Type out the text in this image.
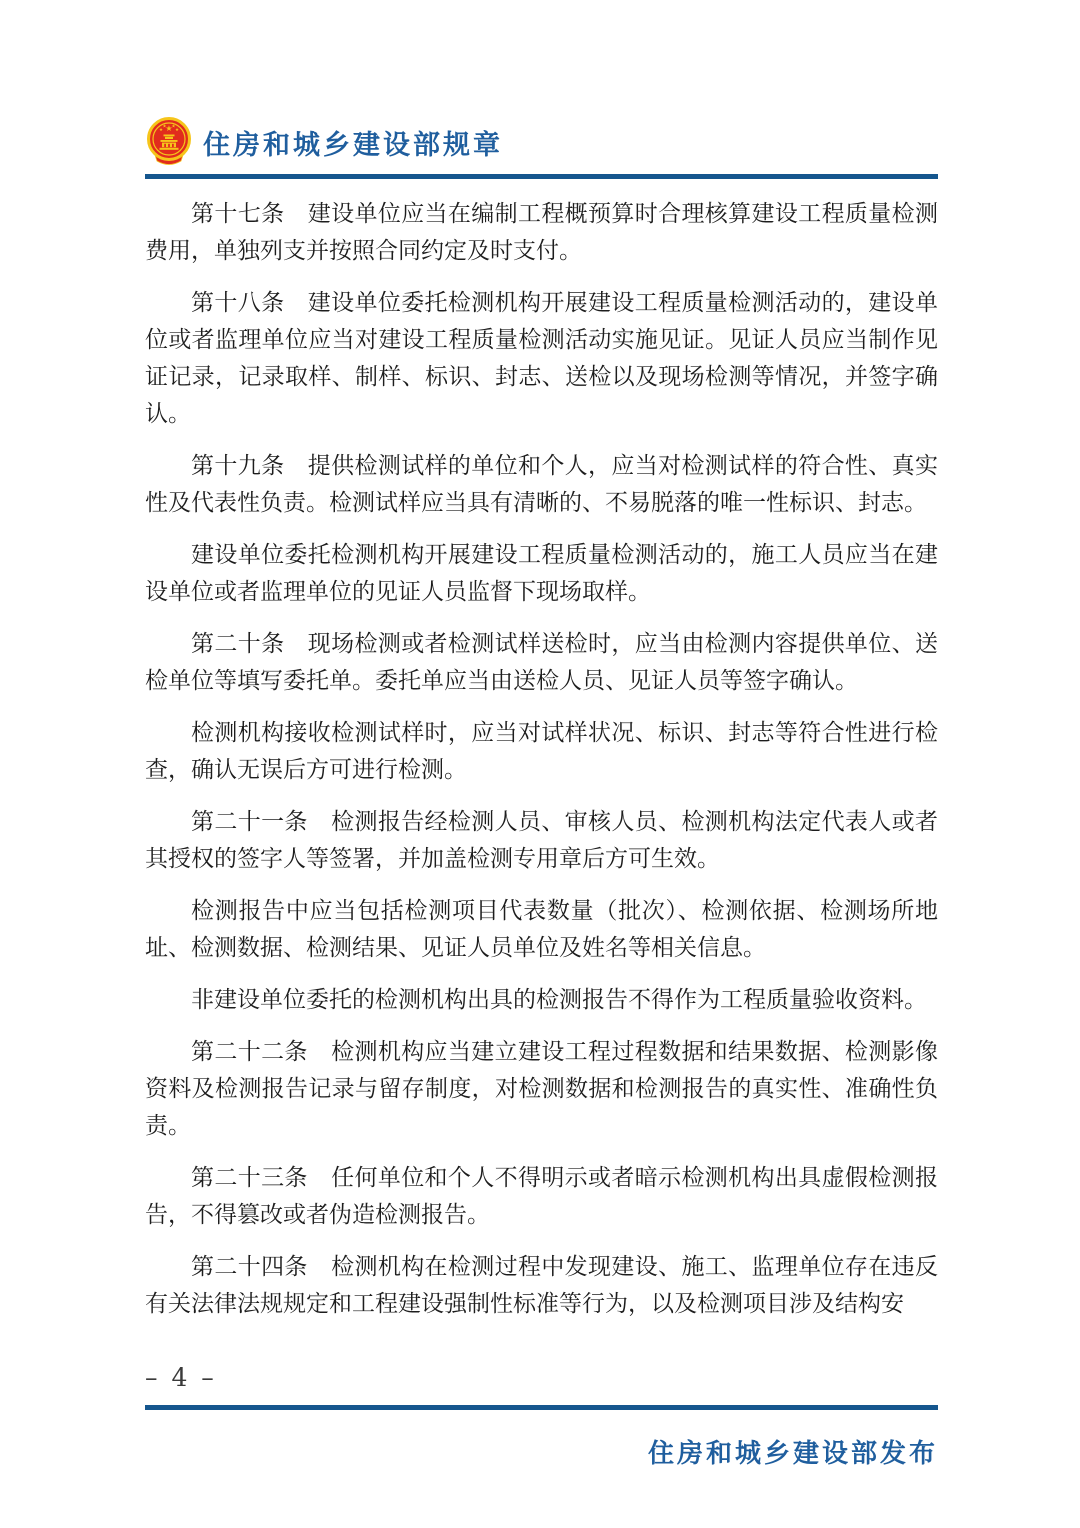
★
★
★ ★
★ 住房和城乡建设部规章

第十七条　建设单位应当在编制工程概预算时合理核算建设工程质量检测费用，单独列支并按照合同约定及时支付。

第十八条　建设单位委托检测机构开展建设工程质量检测活动的，建设单位或者监理单位应当对建设工程质量检测活动实施见证。见证人员应当制作见证记录，记录取样、制样、标识、封志、送检以及现场检测等情况，并签字确认。

第十九条　提供检测试样的单位和个人，应当对检测试样的符合性、真实性及代表性负责。检测试样应当具有清晰的、不易脱落的唯一性标识、封志。

建设单位委托检测机构开展建设工程质量检测活动的，施工人员应当在建设单位或者监理单位的见证人员监督下现场取样。

第二十条　现场检测或者检测试样送检时，应当由检测内容提供单位、送检单位等填写委托单。委托单应当由送检人员、见证人员等签字确认。

检测机构接收检测试样时，应当对试样状况、标识、封志等符合性进行检查，确认无误后方可进行检测。

第二十一条　检测报告经检测人员、审核人员、检测机构法定代表人或者其授权的签字人等签署，并加盖检测专用章后方可生效。

检测报告中应当包括检测项目代表数量（批次）、检测依据、检测场所地址、检测数据、检测结果、见证人员单位及姓名等相关信息。

非建设单位委托的检测机构出具的检测报告不得作为工程质量验收资料。

第二十二条　检测机构应当建立建设工程过程数据和结果数据、检测影像资料及检测报告记录与留存制度，对检测数据和检测报告的真实性、准确性负责。

第二十三条　任何单位和个人不得明示或者暗示检测机构出具虚假检测报告，不得篡改或者伪造检测报告。

第二十四条　检测机构在检测过程中发现建设、施工、监理单位存在违反有关法律法规规定和工程建设强制性标准等行为，以及检测项目涉及结构安

– 4 –
住房和城乡建设部发布
